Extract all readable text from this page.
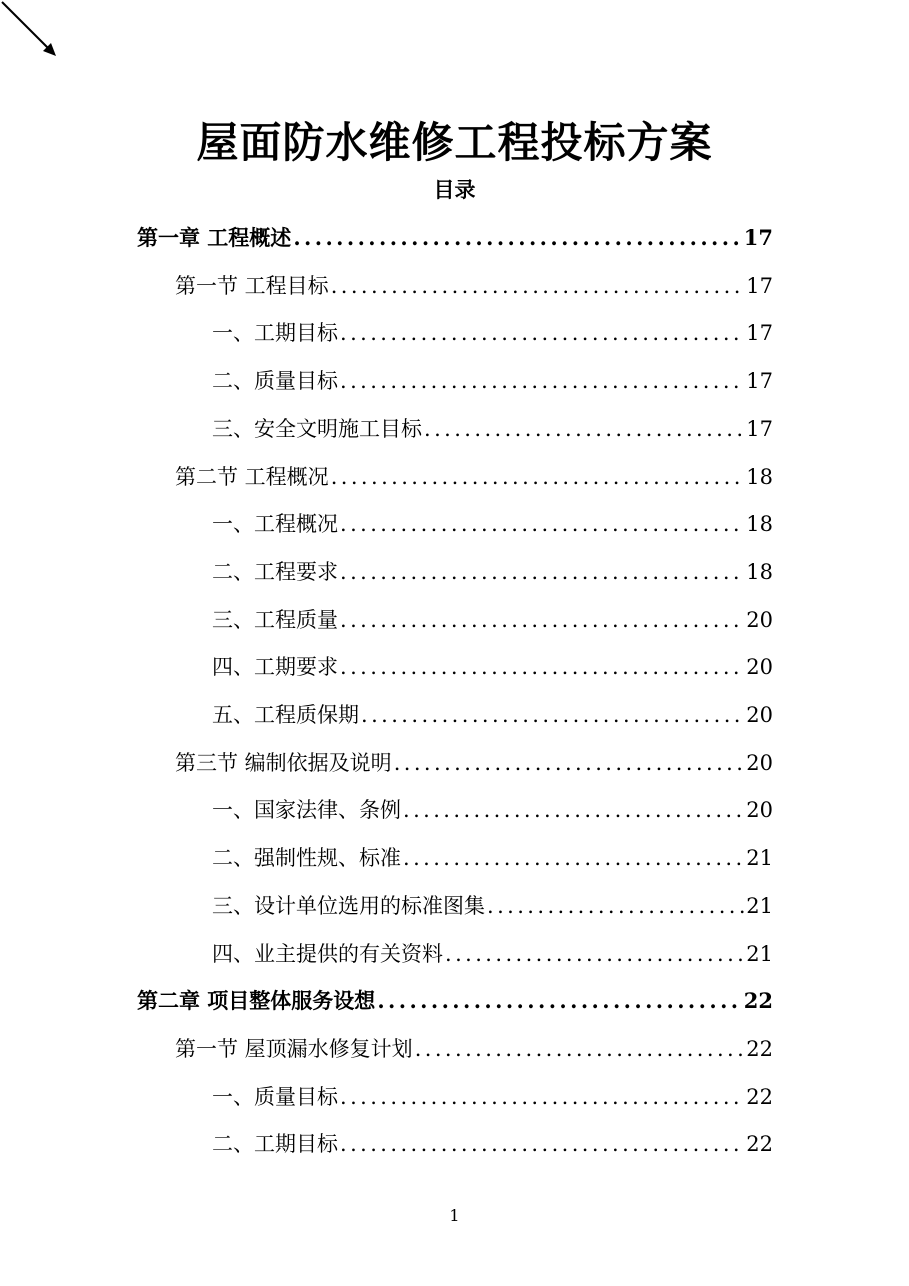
屋面防水维修工程投标方案
目录
第一章 工程概述 .....	17
第一节 工程目标 .....	17
一、工期目标 .....	17
二、质量目标 .....	17
三、安全文明施工目标 .....	17
第二节 工程概况 .....	18
一、工程概况 .....	18
二、工程要求 .....	18
三、工程质量 .....	20
四、工期要求 .....	20
五、工程质保期 .....	20
第三节 编制依据及说明 .....	20
一、国家法律、条例 .....	20
二、强制性规、标准 .....	21
三、设计单位选用的标准图集 .....	21
四、业主提供的有关资料 .....	21
第二章 项目整体服务设想 .....	22
第一节 屋顶漏水修复计划 .....	22
一、质量目标 .....	22
二、工期目标 .....	22
1
